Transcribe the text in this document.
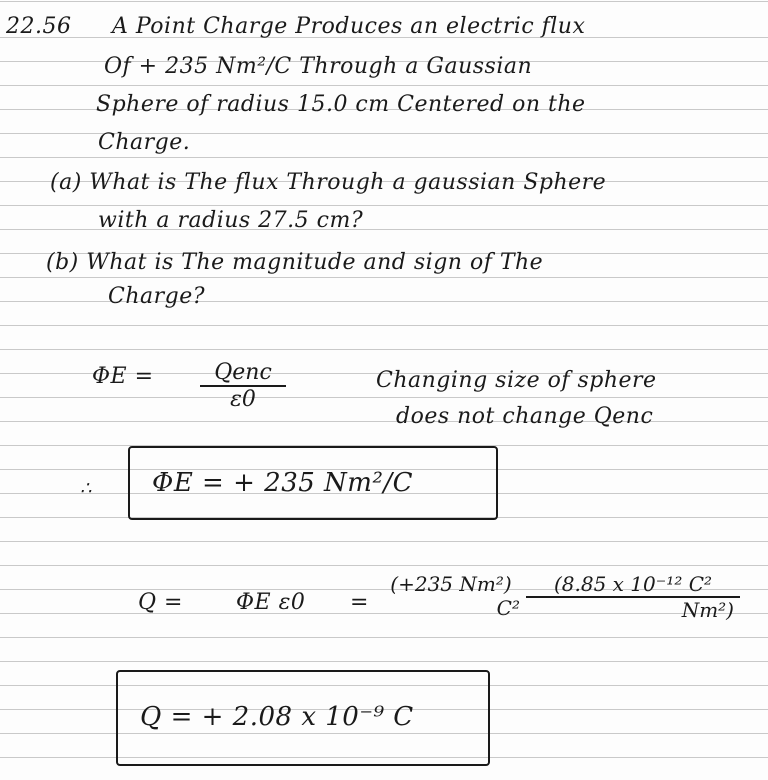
22.56 A Point Charge Produces an electric flux
Of + 235 Nm²/C Through a Gaussian
Sphere of radius 15.0 cm Centered on the
Charge.
(a) What is The flux Through a gaussian Sphere
with a radius 27.5 cm?
(b) What is The magnitude and sign of The
Charge?
ΦE =	Qenc
ε0
Changing size of sphere
does not change Qenc
∴ ΦE = + 235 Nm²/C
Q = ΦE ε0 =
(+235 Nm²)
$C^2 \frac{\text{(8.85 x 10⁻¹² C²}}{\text{Nm²)}}$
Q = + 2.08 x 10⁻⁹ C
